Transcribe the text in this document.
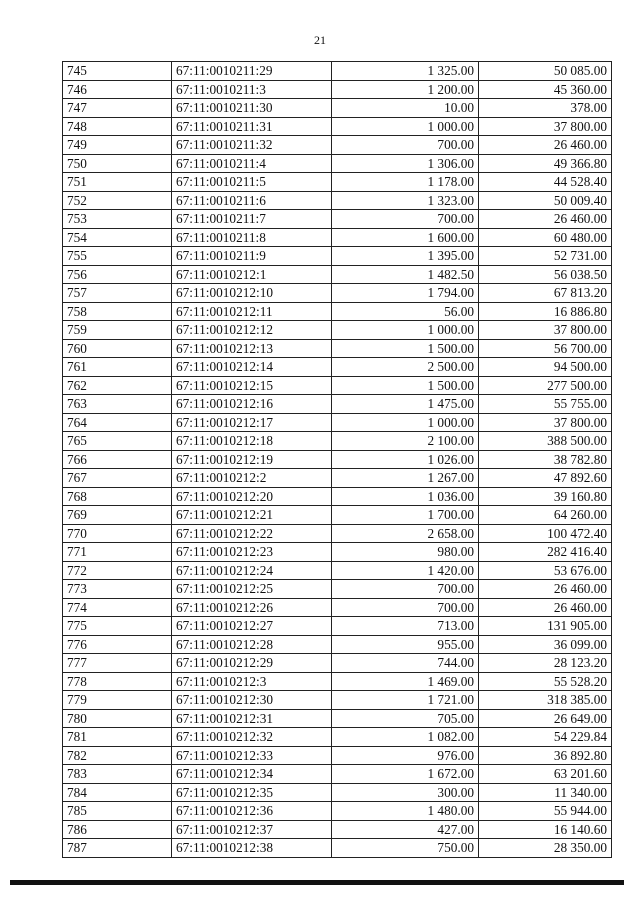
21
745	67:11:0010211:29	1 325.00	50 085.00
746	67:11:0010211:3	1 200.00	45 360.00
747	67:11:0010211:30	10.00	378.00
748	67:11:0010211:31	1 000.00	37 800.00
749	67:11:0010211:32	700.00	26 460.00
750	67:11:0010211:4	1 306.00	49 366.80
751	67:11:0010211:5	1 178.00	44 528.40
752	67:11:0010211:6	1 323.00	50 009.40
753	67:11:0010211:7	700.00	26 460.00
754	67:11:0010211:8	1 600.00	60 480.00
755	67:11:0010211:9	1 395.00	52 731.00
756	67:11:0010212:1	1 482.50	56 038.50
757	67:11:0010212:10	1 794.00	67 813.20
758	67:11:0010212:11	56.00	16 886.80
759	67:11:0010212:12	1 000.00	37 800.00
760	67:11:0010212:13	1 500.00	56 700.00
761	67:11:0010212:14	2 500.00	94 500.00
762	67:11:0010212:15	1 500.00	277 500.00
763	67:11:0010212:16	1 475.00	55 755.00
764	67:11:0010212:17	1 000.00	37 800.00
765	67:11:0010212:18	2 100.00	388 500.00
766	67:11:0010212:19	1 026.00	38 782.80
767	67:11:0010212:2	1 267.00	47 892.60
768	67:11:0010212:20	1 036.00	39 160.80
769	67:11:0010212:21	1 700.00	64 260.00
770	67:11:0010212:22	2 658.00	100 472.40
771	67:11:0010212:23	980.00	282 416.40
772	67:11:0010212:24	1 420.00	53 676.00
773	67:11:0010212:25	700.00	26 460.00
774	67:11:0010212:26	700.00	26 460.00
775	67:11:0010212:27	713.00	131 905.00
776	67:11:0010212:28	955.00	36 099.00
777	67:11:0010212:29	744.00	28 123.20
778	67:11:0010212:3	1 469.00	55 528.20
779	67:11:0010212:30	1 721.00	318 385.00
780	67:11:0010212:31	705.00	26 649.00
781	67:11:0010212:32	1 082.00	54 229.84
782	67:11:0010212:33	976.00	36 892.80
783	67:11:0010212:34	1 672.00	63 201.60
784	67:11:0010212:35	300.00	11 340.00
785	67:11:0010212:36	1 480.00	55 944.00
786	67:11:0010212:37	427.00	16 140.60
787	67:11:0010212:38	750.00	28 350.00
